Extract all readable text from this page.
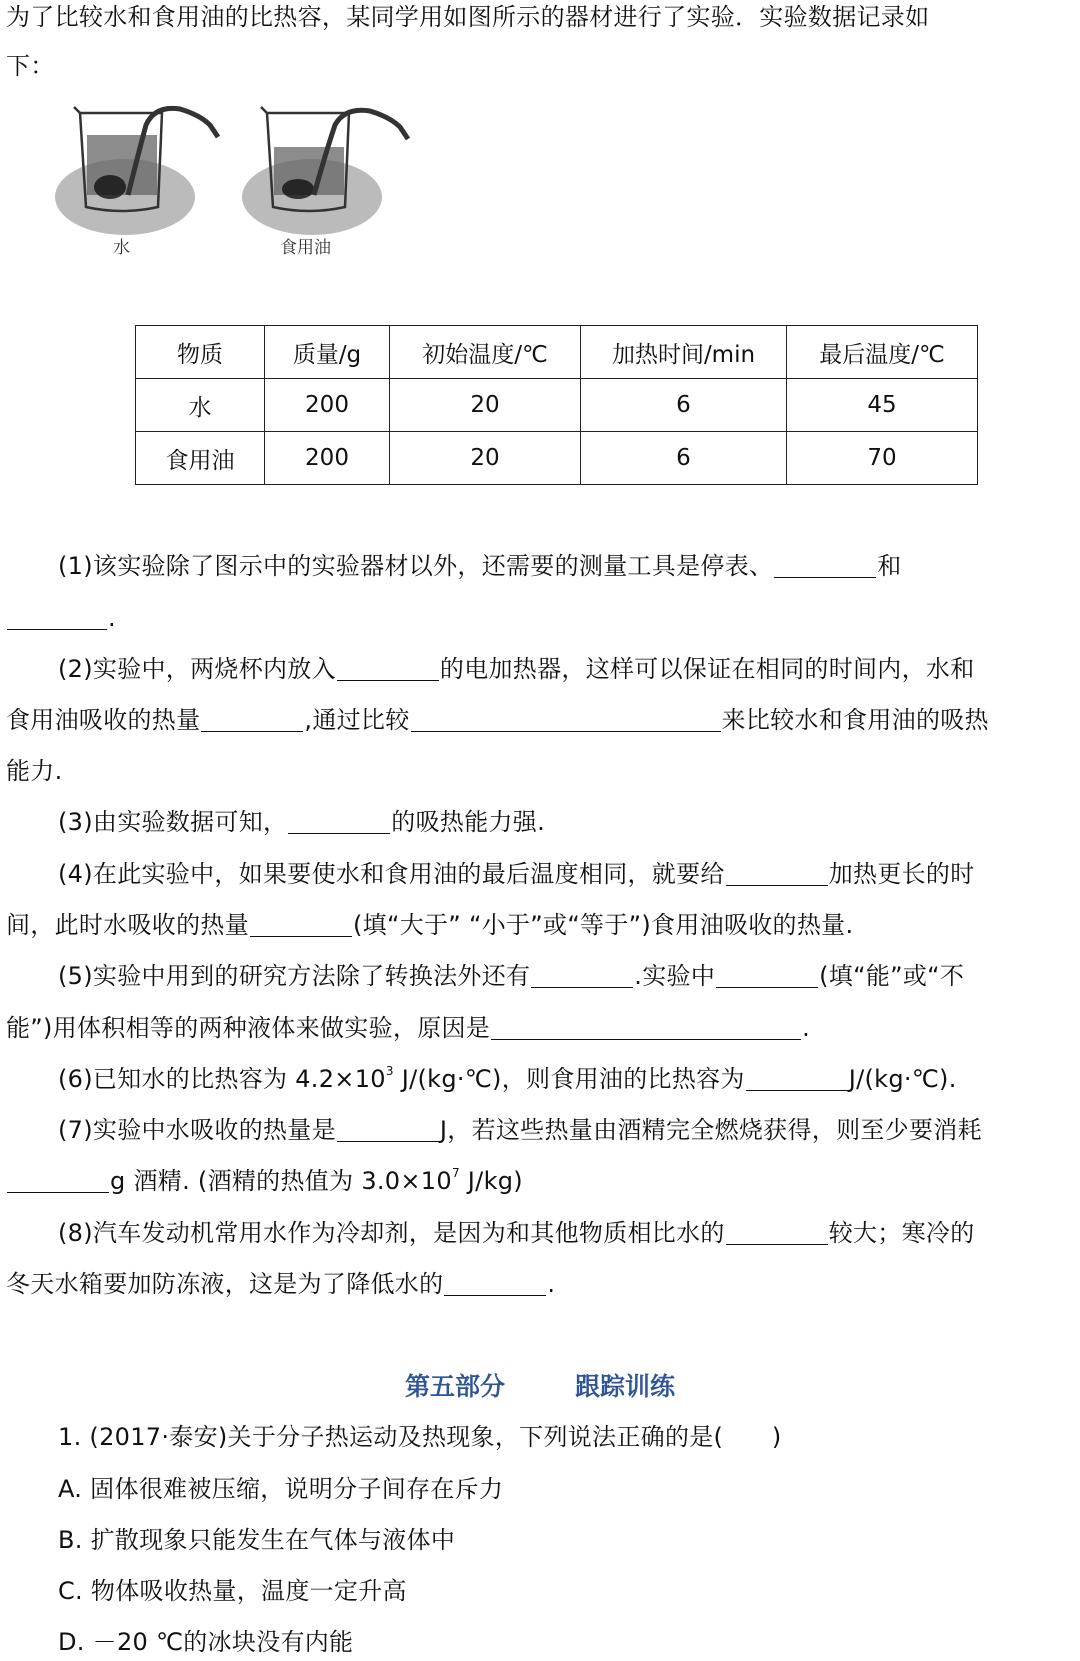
为了比较水和食用油的比热容，某同学用如图所示的器材进行了实验．实验数据记录如
下：
水	食用油
物质	质量/g	初始温度/℃	加热时间/min	最后温度/℃
水	200	20	6	45
食用油	200	20	6	70
(1)该实验除了图示中的实验器材以外，还需要的测量工具是停表、	和
.
(2)实验中，两烧杯内放入	的电加热器，这样可以保证在相同的时间内，水和
食用油吸收的热量	,通过比较	来比较水和食用油的吸热
能力.
(3)由实验数据可知，	的吸热能力强.
(4)在此实验中，如果要使水和食用油的最后温度相同，就要给	加热更长的时
间，此时水吸收的热量	(填“大于” “小于”或“等于”)食用油吸收的热量.
(5)实验中用到的研究方法除了转换法外还有	.实验中	(填“能”或“不
能”)用体积相等的两种液体来做实验，原因是	.
(6)已知水的比热容为 $4.2\times 10^3$ J/(kg·℃)，则食用油的比热容为	J/(kg·℃).
(7)实验中水吸收的热量是	J，若这些热量由酒精完全燃烧获得，则至少要消耗
g 酒精. (酒精的热值为 $3.0\times 10^7$ J/kg)
(8)汽车发动机常用水作为冷却剂，是因为和其他物质相比水的	较大；寒冷的
冬天水箱要加防冻液，这是为了降低水的	.
第五部分	跟踪训练
1. (2017·泰安)关于分子热运动及热现象，下列说法正确的是(　　)
A. 固体很难被压缩，说明分子间存在斥力
B. 扩散现象只能发生在气体与液体中
C. 物体吸收热量，温度一定升高
D. －20 ℃的冰块没有内能
